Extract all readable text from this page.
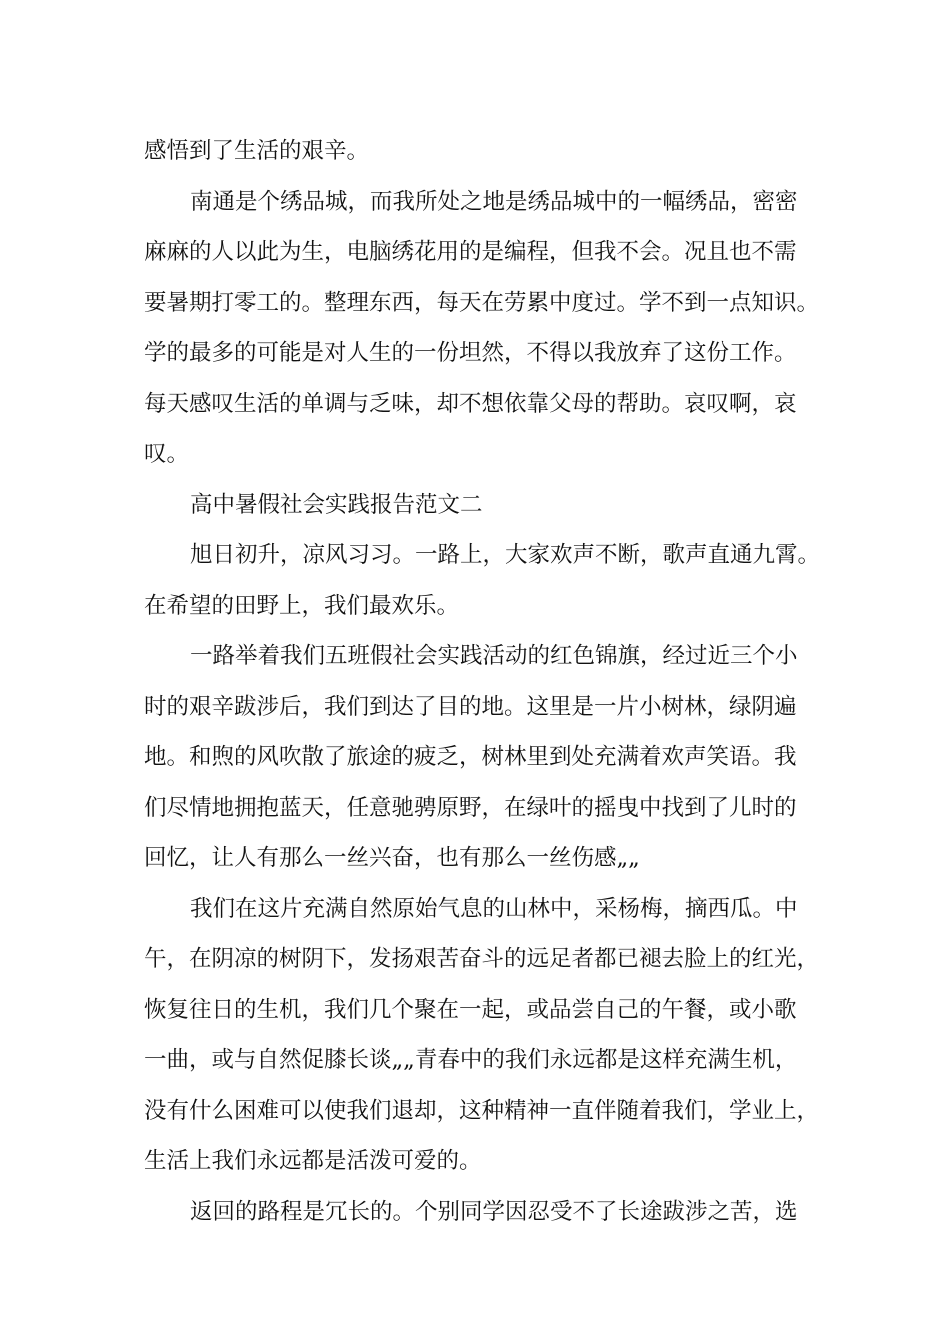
感悟到了生活的艰辛。
南通是个绣品城，而我所处之地是绣品城中的一幅绣品，密密
麻麻的人以此为生，电脑绣花用的是编程，但我不会。况且也不需
要暑期打零工的。整理东西，每天在劳累中度过。学不到一点知识。
学的最多的可能是对人生的一份坦然，不得以我放弃了这份工作。
每天感叹生活的单调与乏味，却不想依靠父母的帮助。哀叹啊，哀
叹。
高中暑假社会实践报告范文二
旭日初升，凉风习习。一路上，大家欢声不断，歌声直通九霄。
在希望的田野上，我们最欢乐。
一路举着我们五班假社会实践活动的红色锦旗，经过近三个小
时的艰辛跋涉后，我们到达了目的地。这里是一片小树林，绿阴遍
地。和煦的风吹散了旅途的疲乏，树林里到处充满着欢声笑语。我
们尽情地拥抱蓝天，任意驰骋原野，在绿叶的摇曳中找到了儿时的
回忆，让人有那么一丝兴奋，也有那么一丝伤感„„
我们在这片充满自然原始气息的山林中，采杨梅，摘西瓜。中
午，在阴凉的树阴下，发扬艰苦奋斗的远足者都已褪去脸上的红光，
恢复往日的生机，我们几个聚在一起，或品尝自己的午餐，或小歌
一曲，或与自然促膝长谈„„青春中的我们永远都是这样充满生机，
没有什么困难可以使我们退却，这种精神一直伴随着我们，学业上，
生活上我们永远都是活泼可爱的。
返回的路程是冗长的。个别同学因忍受不了长途跋涉之苦，选
